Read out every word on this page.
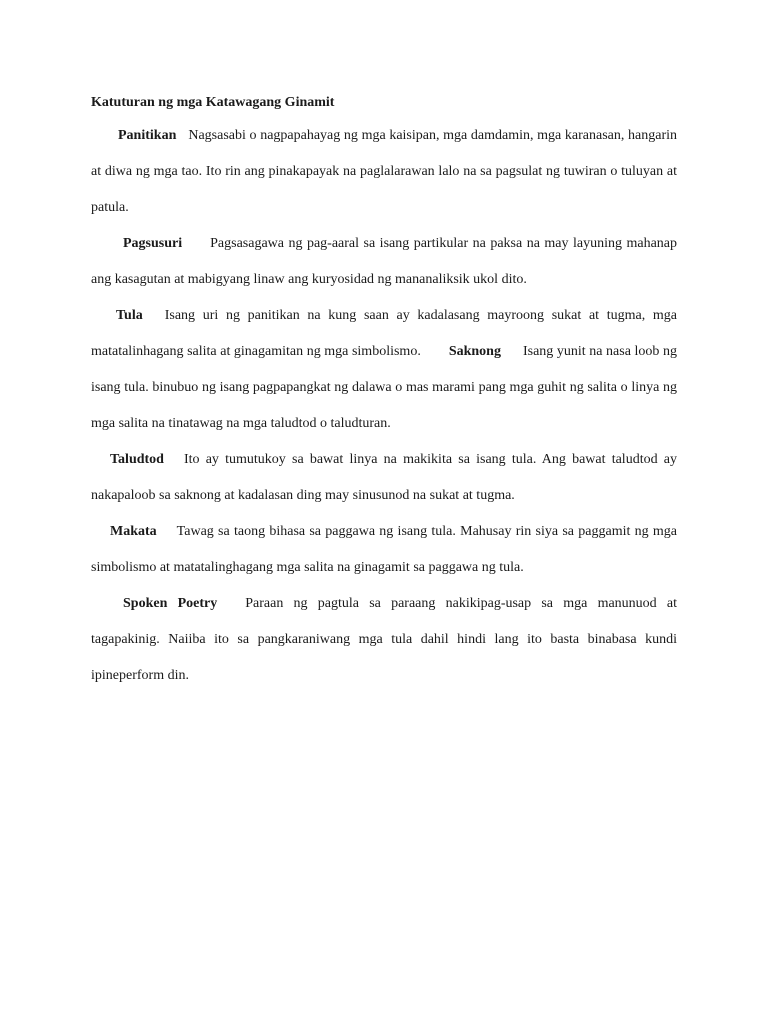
Katuturan ng mga Katawagang Ginamit

Panitikan Nagsasabi o nagpapahayag ng mga kaisipan, mga damdamin, mga karanasan, hangarin at diwa ng mga tao. Ito rin ang pinakapayak na paglalarawan lalo na sa pagsulat ng tuwiran o tuluyan at patula.

Pagsusuri Pagsasagawa ng pag-aaral sa isang partikular na paksa na may layuning mahanap ang kasagutan at mabigyang linaw ang kuryosidad ng mananaliksik ukol dito.

Tula Isang uri ng panitikan na kung saan ay kadalasang mayroong sukat at tugma, mga matatalinhagang salita at ginagamitan ng mga simbolismo. Saknong Isang yunit na nasa loob ng isang tula. binubuo ng isang pagpapangkat ng dalawa o mas marami pang mga guhit ng salita o linya ng mga salita na tinatawag na mga taludtod o taludturan.

Taludtod Ito ay tumutukoy sa bawat linya na makikita sa isang tula. Ang bawat taludtod ay nakapaloob sa saknong at kadalasan ding may sinusunod na sukat at tugma.

Makata Tawag sa taong bihasa sa paggawa ng isang tula. Mahusay rin siya sa paggamit ng mga simbolismo at matatalinghagang mga salita na ginagamit sa paggawa ng tula.

Spoken Poetry Paraan ng pagtula sa paraang nakikipag-usap sa mga manunuod at tagapakinig. Naiiba ito sa pangkaraniwang mga tula dahil hindi lang ito basta binabasa kundi ipineperform din.
